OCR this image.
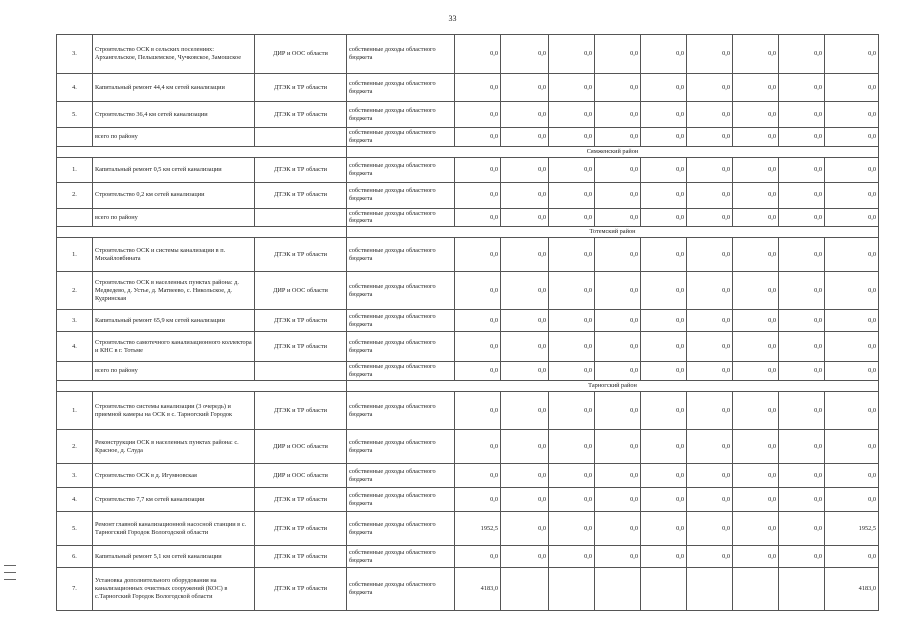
33
3.	Строительство ОСК в сельских поселениях: Архангельское, Пельшемское, Чучковское, Замошское	ДИР и ООС области	собственные доходы областного бюджета	0,0	0,0	0,0	0,0	0,0	0,0	0,0	0,0	0,0
4.	Капитальный ремонт 44,4 км сетей канализации	ДТЭК и ТР области	собственные доходы областного бюджета	0,0	0,0	0,0	0,0	0,0	0,0	0,0	0,0	0,0
5.	Строительство 36,4 км сетей канализации	ДТЭК и ТР области	собственные доходы областного бюджета	0,0	0,0	0,0	0,0	0,0	0,0	0,0	0,0	0,0
	всего по району		собственные доходы областного бюджета	0,0	0,0	0,0	0,0	0,0	0,0	0,0	0,0	0,0
			Сямженский район									
1.	Капитальный ремонт 0,5 км сетей канализации	ДТЭК и ТР области	собственные доходы областного бюджета	0,0	0,0	0,0	0,0	0,0	0,0	0,0	0,0	0,0
2.	Строительство 0,2 км сетей канализации	ДТЭК и ТР области	собственные доходы областного бюджета	0,0	0,0	0,0	0,0	0,0	0,0	0,0	0,0	0,0
	всего по району		собственные доходы областного бюджета	0,0	0,0	0,0	0,0	0,0	0,0	0,0	0,0	0,0
			Тотемский район									
1.	Строительство ОСК и системы канализации в п. Михайловбината	ДТЭК и ТР области	собственные доходы областного бюджета	0,0	0,0	0,0	0,0	0,0	0,0	0,0	0,0	0,0
2.	Строительство ОСК в населенных пунктах района: д. Медведево, д. Устье, д. Матвеево, с. Никольское, д. Кудринская	ДИР и ООС области	собственные доходы областного бюджета	0,0	0,0	0,0	0,0	0,0	0,0	0,0	0,0	0,0
3.	Капитальный ремонт 65,9 км сетей канализации	ДТЭК и ТР области	собственные доходы областного бюджета	0,0	0,0	0,0	0,0	0,0	0,0	0,0	0,0	0,0
4.	Строительство самотечного канализационного коллектора и КНС в г. Тотьме	ДТЭК и ТР области	собственные доходы областного бюджета	0,0	0,0	0,0	0,0	0,0	0,0	0,0	0,0	0,0
	всего по району		собственные доходы областного бюджета	0,0	0,0	0,0	0,0	0,0	0,0	0,0	0,0	0,0
			Тарногский район									
1.	Строительство системы канализации (3 очередь) и приемной камеры на ОСК в с. Тарногский Городок	ДТЭК и ТР области	собственные доходы областного бюджета	0,0	0,0	0,0	0,0	0,0	0,0	0,0	0,0	0,0
2.	Реконструкция ОСК в населенных пунктах района: с. Красное, д. Слуда	ДИР и ООС области	собственные доходы областного бюджета	0,0	0,0	0,0	0,0	0,0	0,0	0,0	0,0	0,0
3.	Строительство ОСК в д. Игумновская	ДИР и ООС области	собственные доходы областного бюджета	0,0	0,0	0,0	0,0	0,0	0,0	0,0	0,0	0,0
4.	Строительство 7,7 км сетей канализации	ДТЭК и ТР области	собственные доходы областного бюджета	0,0	0,0	0,0	0,0	0,0	0,0	0,0	0,0	0,0
5.	Ремонт главной канализационной насосной станции в с. Тарногский Городок Вологодской области	ДТЭК и ТР области	собственные доходы областного бюджета	1952,5	0,0	0,0	0,0	0,0	0,0	0,0	0,0	1952,5
6.	Капитальный ремонт 5,1 км сетей канализации	ДТЭК и ТР области	собственные доходы областного бюджета	0,0	0,0	0,0	0,0	0,0	0,0	0,0	0,0	0,0
7.	Установка дополнительного оборудования на канализационных очистных сооружений (КОС) в с.Тарногский Городок Вологодской области	ДТЭК и ТР области	собственные доходы областного бюджета	4183,0								4183,0
